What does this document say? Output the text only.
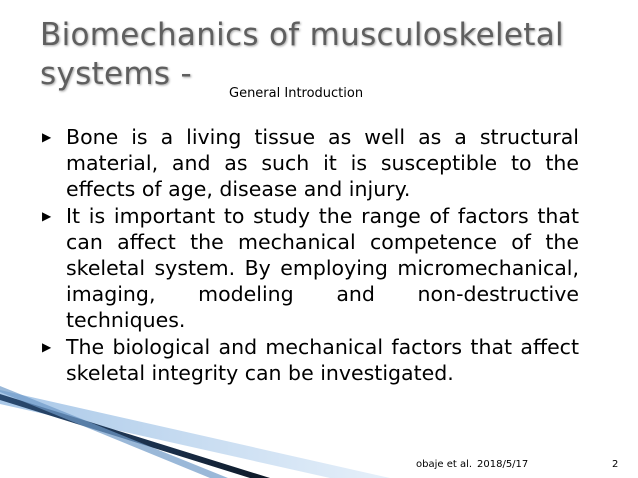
Biomechanics of musculoskeletal systems -
General Introduction
▶ Bone is a living tissue as well as a structural material, and as such it is susceptible to the effects of age, disease and injury.
▶ It is important to study the range of factors that can affect the mechanical competence of the skeletal system. By employing micromechanical, imaging, modeling and non-destructive techniques.
▶ The biological and mechanical factors that affect skeletal integrity can be investigated.
obaje et al. 2018/5/17	2
